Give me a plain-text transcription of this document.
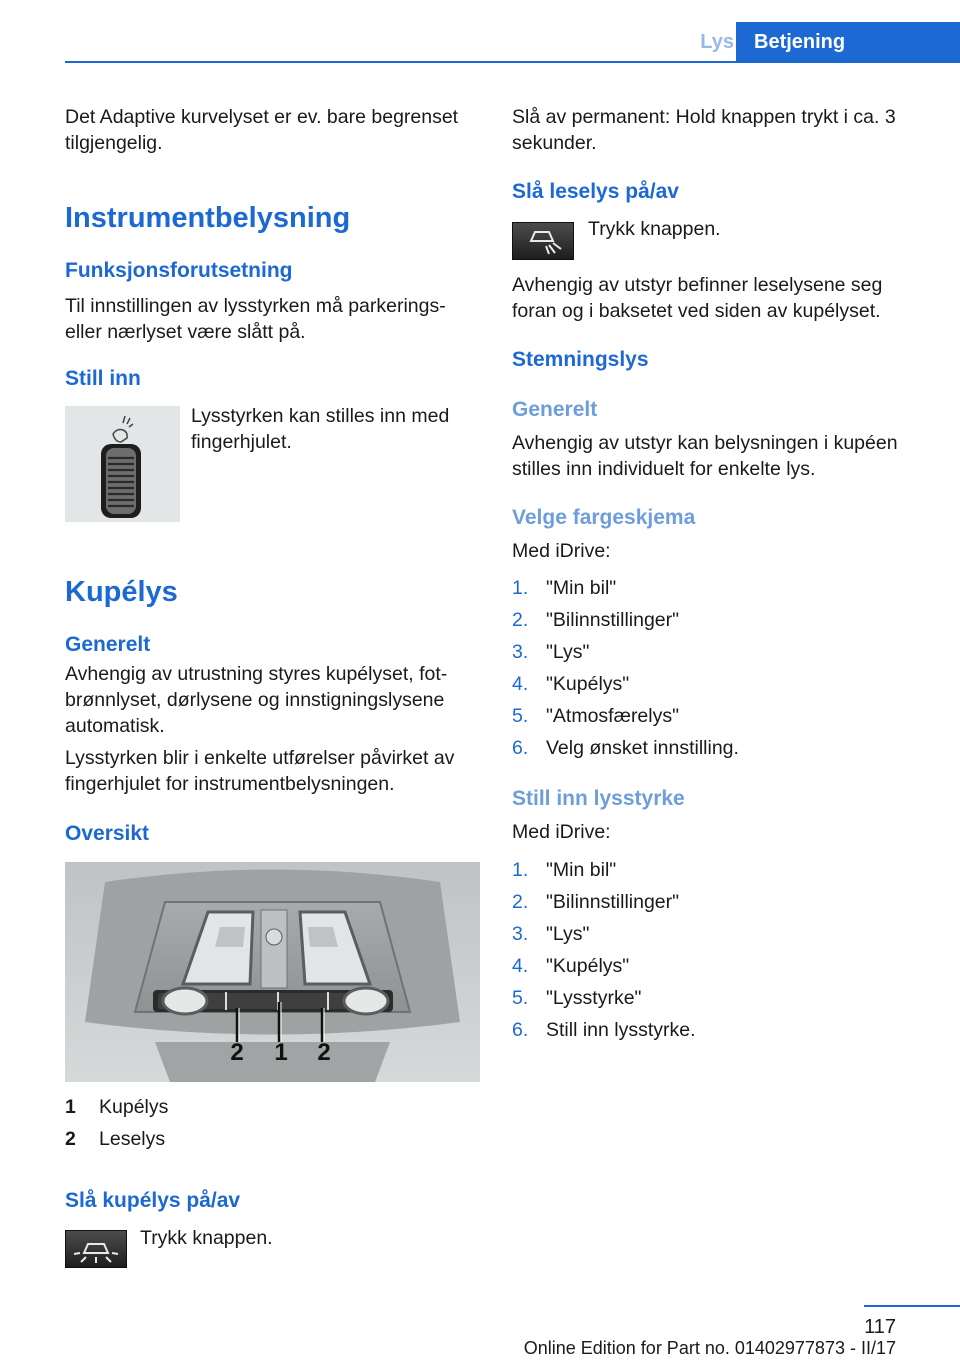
Lys	Betjening

Det Adaptive kurvelyset er ev. bare begrenset tilgjengelig.

Instrumentbelysning
Funksjonsforutsetning

Til innstillingen av lysstyrken må parkerings- eller nærlyset være slått på.

Still inn

Lysstyrken kan stilles inn med fingerhjulet.

Kupélys
Generelt

Avhengig av utrustning styres kupélyset, fot- brønnlyset, dørlysene og innstigningslysene automatisk.

Lysstyrken blir i enkelte utførelser påvirket av fingerhjulet for instrumentbelysningen.

Oversikt
2 1 2
1 Kupélys
2 Leselys
Slå kupélys på/av

Trykk knappen.

Slå av permanent: Hold knappen trykt i ca. 3 sekunder.

Slå leselys på/av

Trykk knappen.

Avhengig av utstyr befinner leselysene seg foran og i baksetet ved siden av kupélyset.

Stemningslys
Generelt

Avhengig av utstyr kan belysningen i kupéen stilles inn individuelt for enkelte lys.

Velge fargeskjema

Med iDrive:

1. "Min bil"
2. "Bilinnstillinger"
3. "Lys"
4. "Kupélys"
5. "Atmosfærelys"
6. Velg ønsket innstilling.
Still inn lysstyrke

Med iDrive:

1. "Min bil"
2. "Bilinnstillinger"
3. "Lys"
4. "Kupélys"
5. "Lysstyrke"
6. Still inn lysstyrke.
117
Online Edition for Part no. 01402977873 - II/17
